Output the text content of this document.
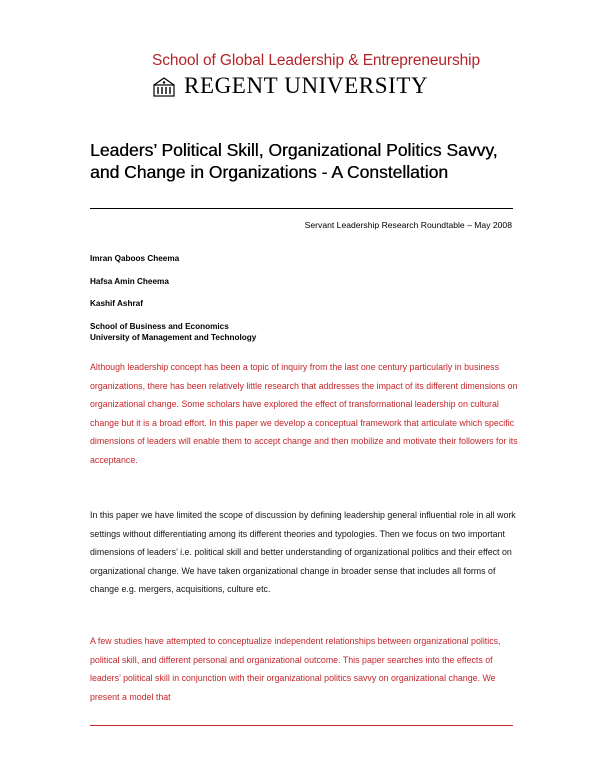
School of Global Leadership & Entrepreneurship
REGENT UNIVERSITY
Leaders’ Political Skill, Organizational Politics Savvy, and Change in Organizations - A Constellation
Servant Leadership Research Roundtable – May 2008
Imran Qaboos Cheema
Hafsa Amin Cheema
Kashif Ashraf
School of Business and Economics
University of Management and Technology

Although leadership concept has been a topic of inquiry from the last one century particularly in business organizations, there has been relatively little research that addresses the impact of its different dimensions on organizational change. Some scholars have explored the effect of transformational leadership on cultural change but it is a broad effort. In this paper we develop a conceptual framework that articulate which specific dimensions of leaders will enable them to accept change and then mobilize and motivate their followers for its acceptance.

In this paper we have limited the scope of discussion by defining leadership general influential role in all work settings without differentiating among its different theories and typologies. Then we focus on two important dimensions of leaders’ i.e. political skill and better understanding of organizational politics and their effect on organizational change. We have taken organizational change in broader sense that includes all forms of change e.g. mergers, acquisitions, culture etc.

A few studies have attempted to conceptualize independent relationships between organizational politics, political skill, and different personal and organizational outcome. This paper searches into the effects of leaders’ political skill in conjunction with their organizational politics savvy on organizational change. We present a model that
